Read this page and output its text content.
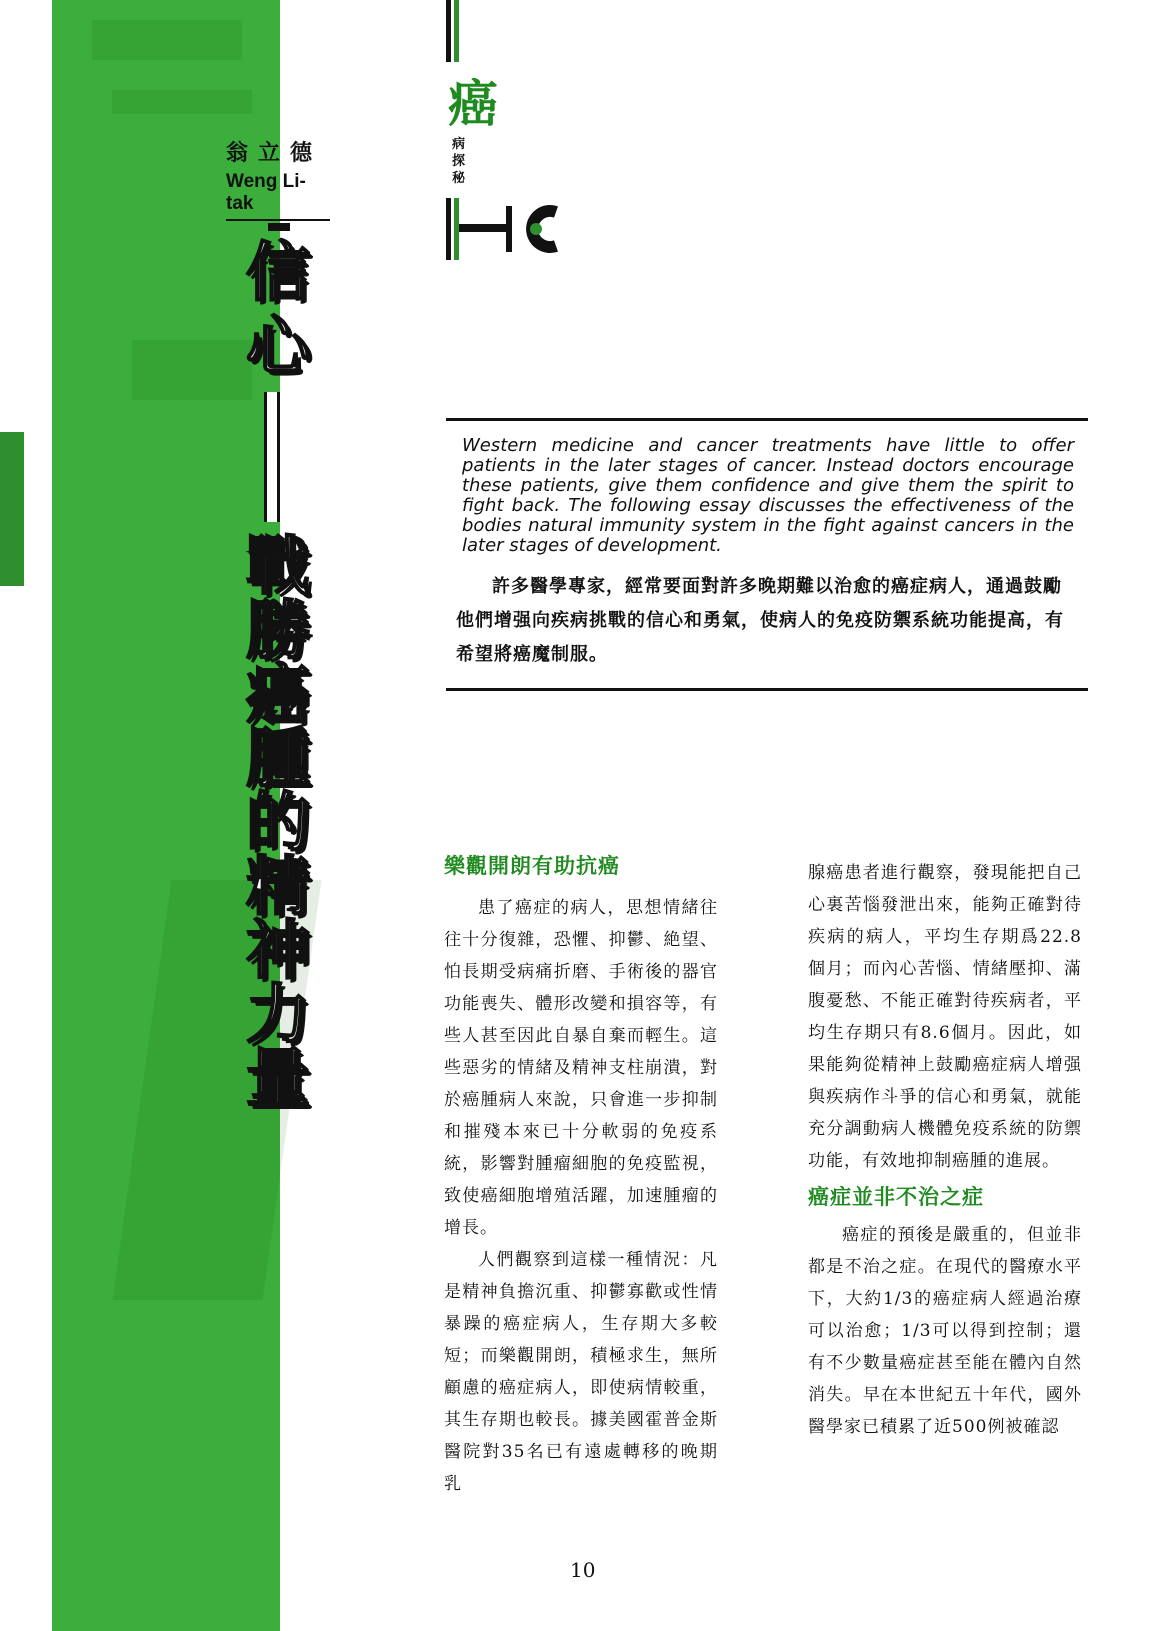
翁立德
Weng Li-tak
信心
戰勝癌腫的精神力量
癌
病探秘
Western medicine and cancer treatments have little to offer patients in the later stages of cancer. Instead doctors encourage these patients, give them confidence and give them the spirit to fight back. The following essay discusses the effectiveness of the bodies natural immunity system in the fight against cancers in the later stages of development.
許多醫學專家，經常要面對許多晚期難以治愈的癌症病人，通過鼓勵他們增强向疾病挑戰的信心和勇氣，使病人的免疫防禦系統功能提高，有希望將癌魔制服。
樂觀開朗有助抗癌

患了癌症的病人，思想情緒往往十分復雜，恐懼、抑鬱、絶望、怕長期受病痛折磨、手術後的器官功能喪失、體形改變和損容等，有些人甚至因此自暴自棄而輕生。這些惡劣的情緒及精神支柱崩潰，對於癌腫病人來說，只會進一步抑制和摧殘本來已十分軟弱的免疫系統，影響對腫瘤細胞的免疫監視，致使癌細胞增殖活躍，加速腫瘤的增長。

人們觀察到這樣一種情況：凡是精神負擔沉重、抑鬱寡歡或性情暴躁的癌症病人，生存期大多較短；而樂觀開朗，積極求生，無所顧慮的癌症病人，即使病情較重，其生存期也較長。據美國霍普金斯醫院對35名已有遠處轉移的晚期乳

腺癌患者進行觀察，發現能把自己心裏苦惱發泄出來，能夠正確對待疾病的病人，平均生存期爲22.8個月；而內心苦惱、情緒壓抑、滿腹憂愁、不能正確對待疾病者，平均生存期只有8.6個月。因此，如果能夠從精神上鼓勵癌症病人增强與疾病作斗爭的信心和勇氣，就能充分調動病人機體免疫系統的防禦功能，有效地抑制癌腫的進展。

癌症並非不治之症

癌症的預後是嚴重的，但並非都是不治之症。在現代的醫療水平下，大約1/3的癌症病人經過治療可以治愈；1/3可以得到控制；還有不少數量癌症甚至能在體內自然消失。早在本世紀五十年代，國外醫學家已積累了近500例被確認

10
